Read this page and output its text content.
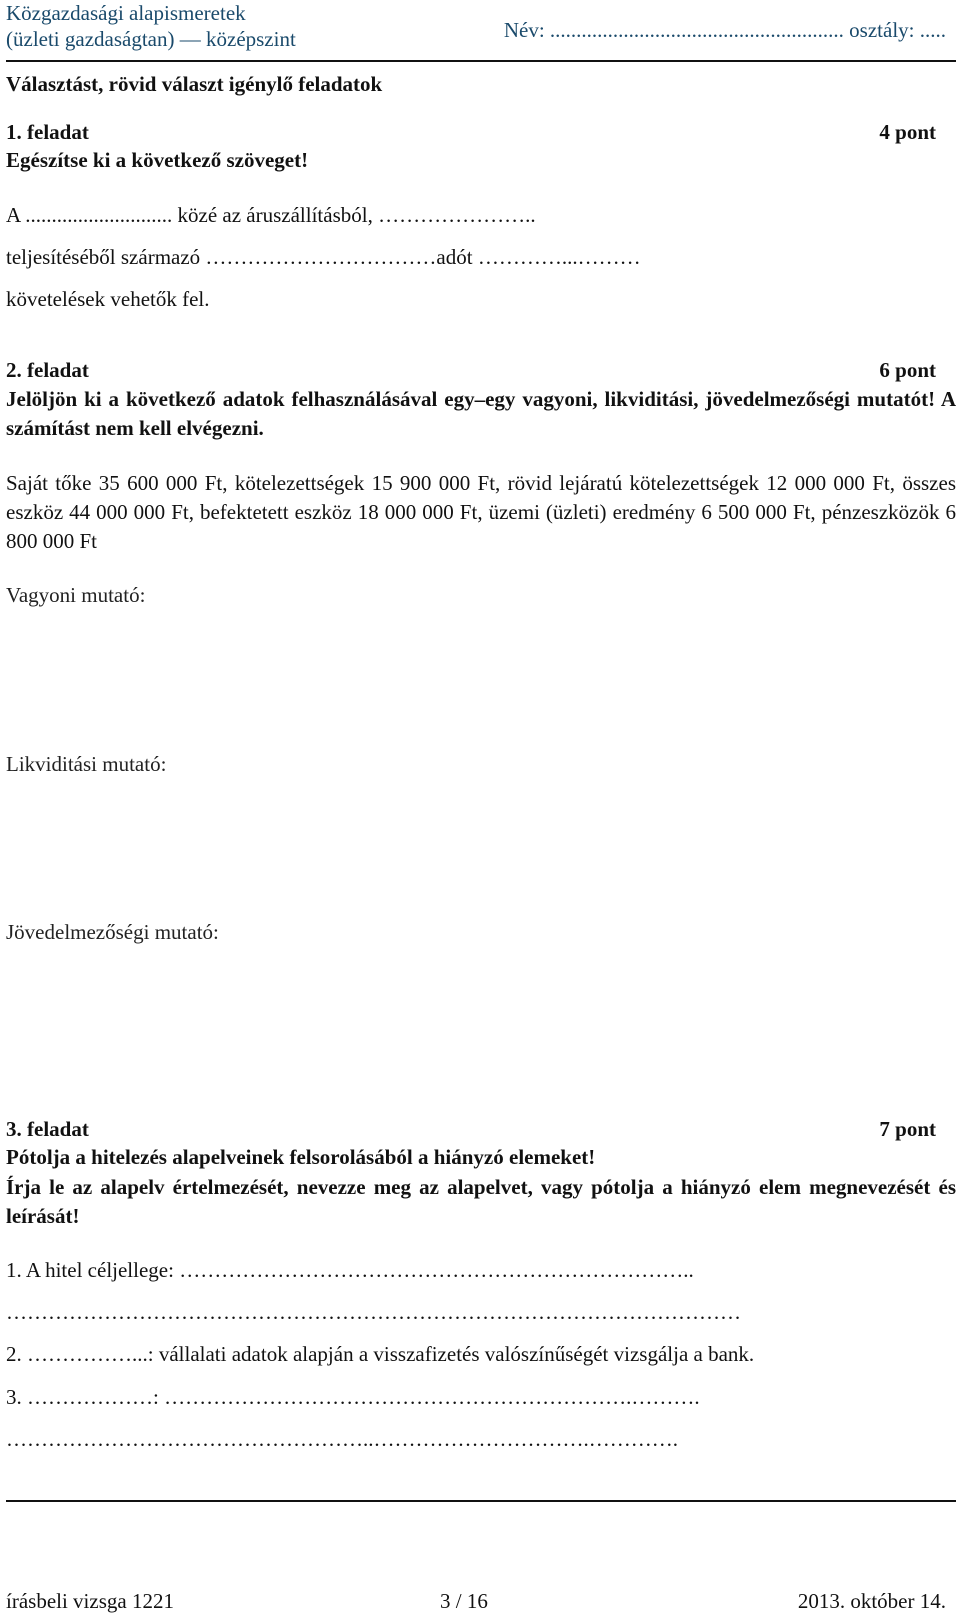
Közgazdasági alapismeretek
(üzleti gazdaságtan) — középszint	Név: ........................................................ osztály: .....
Választást, rövid választ igénylő feladatok
1. feladat	4 pont
Egészítse ki a következő szöveget!
A ............................ közé az áruszállításból, …………………..
teljesítéséből származó ……………………………adót …………...………
követelések vehetők fel.
2. feladat	6 pont
Jelöljön ki a következő adatok felhasználásával egy–egy vagyoni, likviditási, jövedelmezőségi mutatót! A számítást nem kell elvégezni.
Saját tőke 35 600 000 Ft, kötelezettségek 15 900 000 Ft, rövid lejáratú kötelezettségek 12 000 000 Ft, összes eszköz 44 000 000 Ft, befektetett eszköz 18 000 000 Ft, üzemi (üzleti) eredmény 6 500 000 Ft, pénzeszközök 6 800 000 Ft
Vagyoni mutató:
Likviditási mutató:
Jövedelmezőségi mutató:
3. feladat	7 pont
Pótolja a hitelezés alapelveinek felsorolásából a hiányzó elemeket!
Írja le az alapelv értelmezését, nevezze meg az alapelvet, vagy pótolja a hiányzó elem megnevezését és leírását!
1. A hitel céljellege: ………………………………………………………………..
……………………………………………………………………………………………
2. ……………...: vállalati adatok alapján a visszafizetés valószínűségét vizsgálja a bank.
3. ………………: ………………………………………………………….……….
……………………………………………..………………………….………….
írásbeli vizsga 1221	3 / 16	2013. október 14.
